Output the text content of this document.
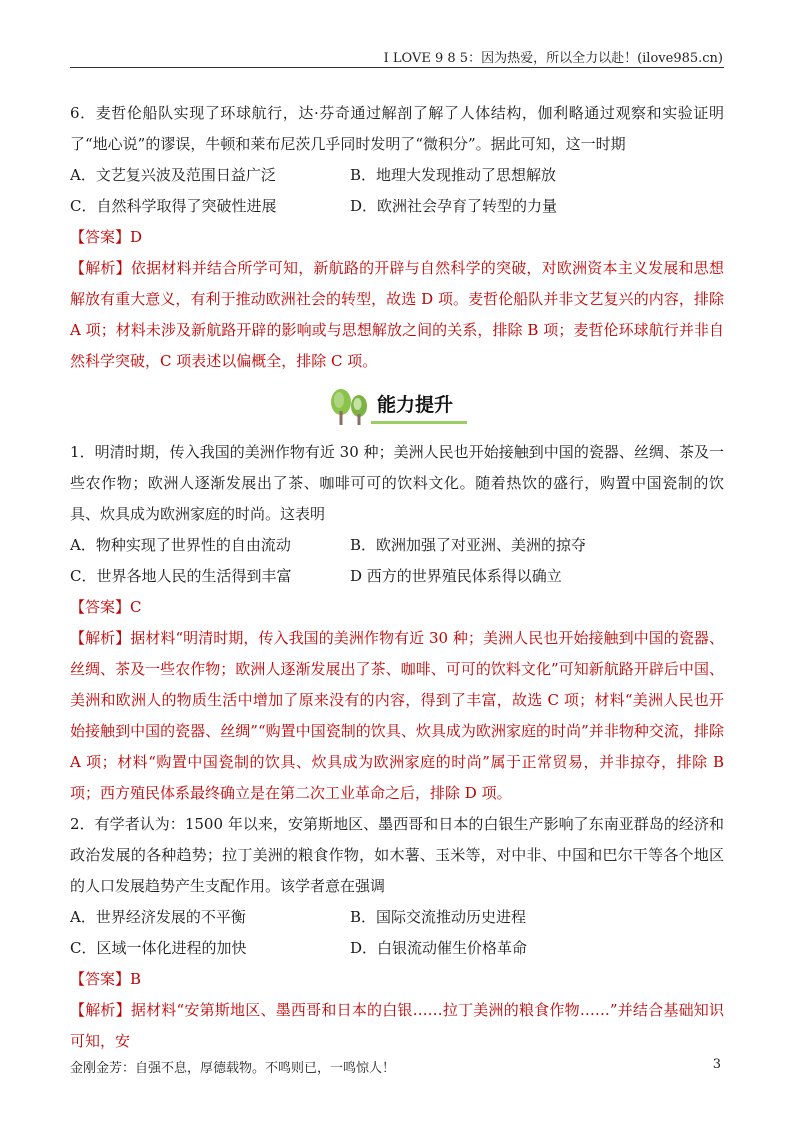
I LOVE 9 8 5：因为热爱，所以全力以赴！(ilove985.cn)

6．麦哲伦船队实现了环球航行，达·芬奇通过解剖了解了人体结构，伽利略通过观察和实验证明了“地心说”的谬误，牛顿和莱布尼茨几乎同时发明了“微积分”。据此可知，这一时期

A．文艺复兴波及范围日益广泛	B．地理大发现推动了思想解放
C．自然科学取得了突破性进展	D．欧洲社会孕育了转型的力量
【答案】D

【解析】依据材料并结合所学可知，新航路的开辟与自然科学的突破，对欧洲资本主义发展和思想解放有重大意义，有利于推动欧洲社会的转型，故选 D 项。麦哲伦船队并非文艺复兴的内容，排除 A 项；材料未涉及新航路开辟的影响或与思想解放之间的关系，排除 B 项；麦哲伦环球航行并非自然科学突破，C 项表述以偏概全，排除 C 项。

能力提升

1．明清时期，传入我国的美洲作物有近 30 种；美洲人民也开始接触到中国的瓷器、丝绸、茶及一些农作物；欧洲人逐渐发展出了茶、咖啡可可的饮料文化。随着热饮的盛行，购置中国瓷制的饮具、炊具成为欧洲家庭的时尚。这表明

A．物种实现了世界性的自由流动	B．欧洲加强了对亚洲、美洲的掠夺
C．世界各地人民的生活得到丰富	D 西方的世界殖民体系得以确立
【答案】C

【解析】据材料“明清时期，传入我国的美洲作物有近 30 种；美洲人民也开始接触到中国的瓷器、丝绸、茶及一些农作物；欧洲人逐渐发展出了茶、咖啡、可可的饮料文化”可知新航路开辟后中国、美洲和欧洲人的物质生活中增加了原来没有的内容，得到了丰富，故选 C 项；材料“美洲人民也开始接触到中国的瓷器、丝绸”“购置中国瓷制的饮具、炊具成为欧洲家庭的时尚”并非物种交流，排除 A 项；材料“购置中国瓷制的饮具、炊具成为欧洲家庭的时尚”属于正常贸易，并非掠夺，排除 B 项；西方殖民体系最终确立是在第二次工业革命之后，排除 D 项。

2．有学者认为：1500 年以来，安第斯地区、墨西哥和日本的白银生产影响了东南亚群岛的经济和政治发展的各种趋势；拉丁美洲的粮食作物，如木薯、玉米等，对中非、中国和巴尔干等各个地区的人口发展趋势产生支配作用。该学者意在强调

A．世界经济发展的不平衡	B．国际交流推动历史进程
C．区域一体化进程的加快	D．白银流动催生价格革命
【答案】B

【解析】据材料“安第斯地区、墨西哥和日本的白银……拉丁美洲的粮食作物……”并结合基础知识可知，安

金刚金芳：自强不息，厚德载物。不鸣则已，一鸣惊人！	3
